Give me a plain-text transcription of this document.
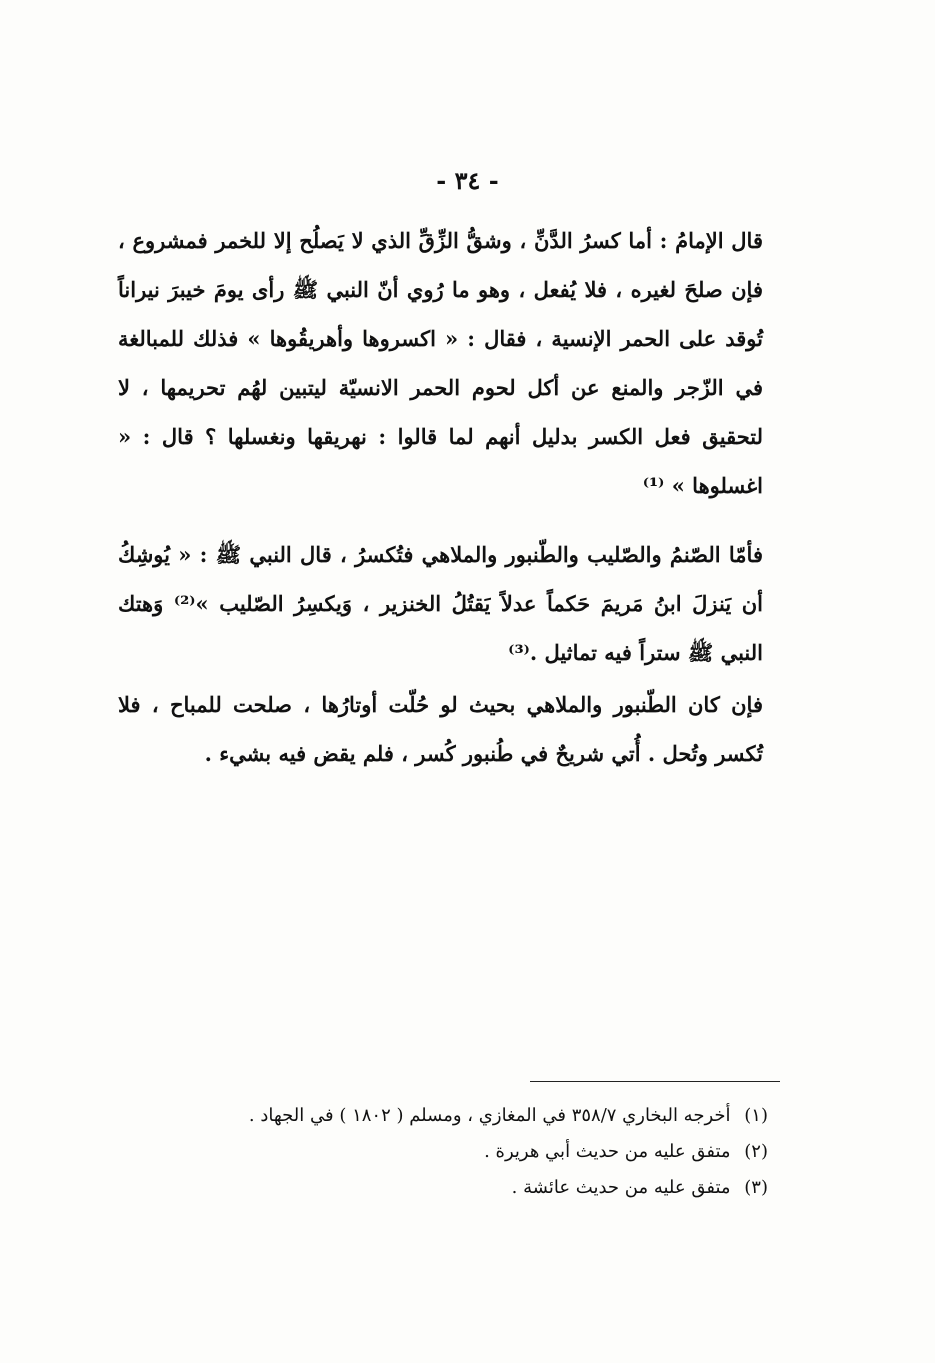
- ٣٤ -

قال الإمامُ : أما كسرُ الدَّنِّ ، وشقُّ الزِّقِّ الذي لا يَصلُح إلا للخمر فمشروع ، فإن صلحَ لغيره ، فلا يُفعل ، وهو ما رُوي أنّ النبي ﷺ رأى يومَ خيبرَ نيراناً تُوقد على الحمر الإنسية ، فقال : « اكسروها وأهريقُوها » فذلك للمبالغة في الزّجر والمنع عن أكل لحوم الحمر الانسيّة ليتبين لهُم تحريمها ، لا لتحقيق فعل الكسر بدليل أنهم لما قالوا : نهريقها ونغسلها ؟ قال : « اغسلوها » ⁽¹⁾

فأمّا الصّنمُ والصّليب والطّنبور والملاهي فتُكسرُ ، قال النبي ﷺ : « يُوشِكُ أن يَنزلَ ابنُ مَريمَ حَكماً عدلاً يَقتُلُ الخنزير ، وَيكسِرُ الصّليب »⁽²⁾ وَهتك النبي ﷺ ستراً فيه تماثيل .⁽³⁾

فإن كان الطّنبور والملاهي بحيث لو حُلّت أوتارُها ، صلحت للمباح ، فلا تُكسر وتُحل . أُتي شريحٌ في طُنبور كُسر ، فلم يقض فيه بشيء .

(١) أخرجه البخاري ٣٥٨/٧ في المغازي ، ومسلم ( ١٨٠٢ ) في الجهاد .

(٢) متفق عليه من حديث أبي هريرة .

(٣) متفق عليه من حديث عائشة .
